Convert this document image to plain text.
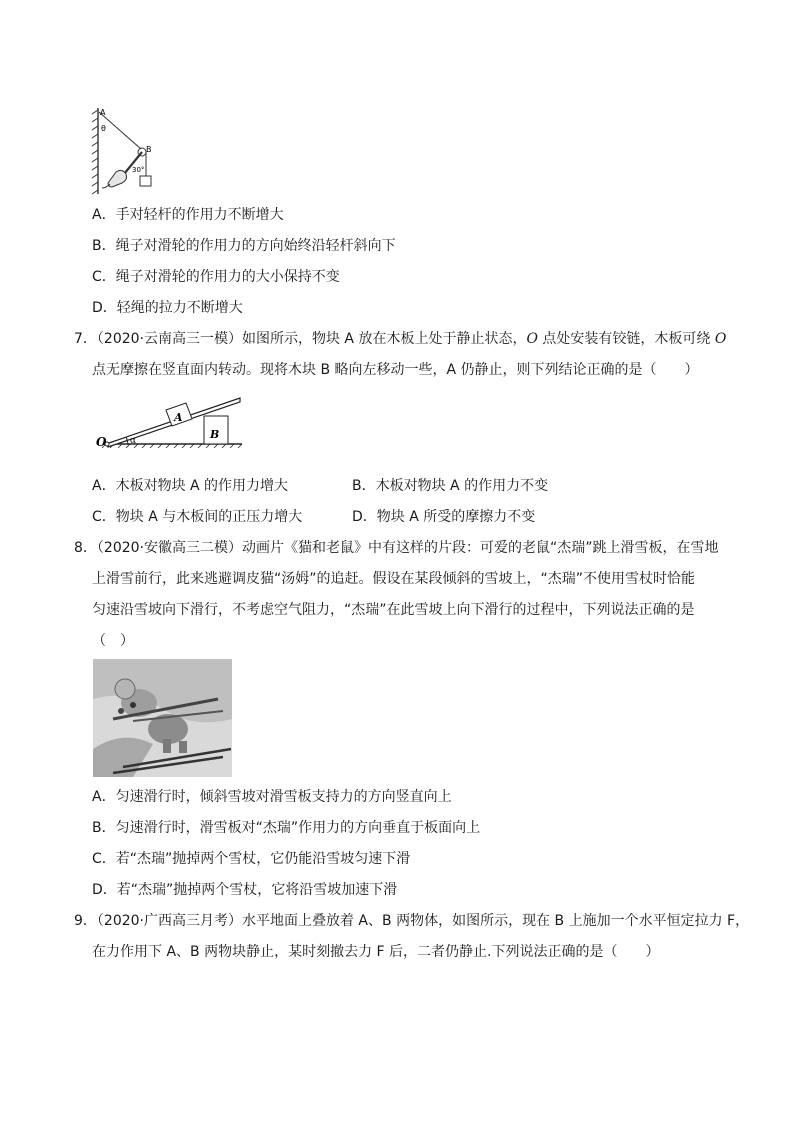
A
θ
B
30°
A．手对轻杆的作用力不断增大
B．绳子对滑轮的作用力的方向始终沿轻杆斜向下
C．绳子对滑轮的作用力的大小保持不变
D．轻绳的拉力不断增大
7．（2020·云南高三一模）如图所示，物块 A 放在木板上处于静止状态，O 点处安装有铰链，木板可绕 O
点无摩擦在竖直面内转动。现将木块 B 略向左移动一些，A 仍静止，则下列结论正确的是（　　）
O
A
B
α
A．木板对物块 A 的作用力增大	B．木板对物块 A 的作用力不变
C．物块 A 与木板间的正压力增大	D．物块 A 所受的摩擦力不变
8．（2020·安徽高三二模）动画片《猫和老鼠》中有这样的片段：可爱的老鼠“杰瑞”跳上滑雪板，在雪地
上滑雪前行，此来逃避调皮猫“汤姆”的追赶。假设在某段倾斜的雪坡上，“杰瑞”不使用雪杖时恰能
匀速沿雪坡向下滑行，不考虑空气阻力，“杰瑞”在此雪坡上向下滑行的过程中，下列说法正确的是
（　）
A．匀速滑行时，倾斜雪坡对滑雪板支持力的方向竖直向上
B．匀速滑行时，滑雪板对“杰瑞”作用力的方向垂直于板面向上
C．若“杰瑞”抛掉两个雪杖，它仍能沿雪坡匀速下滑
D．若“杰瑞”抛掉两个雪杖，它将沿雪坡加速下滑
9．（2020·广西高三月考）水平地面上叠放着 A、B 两物体，如图所示，现在 B 上施加一个水平恒定拉力 F，
在力作用下 A、B 两物块静止，某时刻撤去力 F 后，二者仍静止.下列说法正确的是（　　）
